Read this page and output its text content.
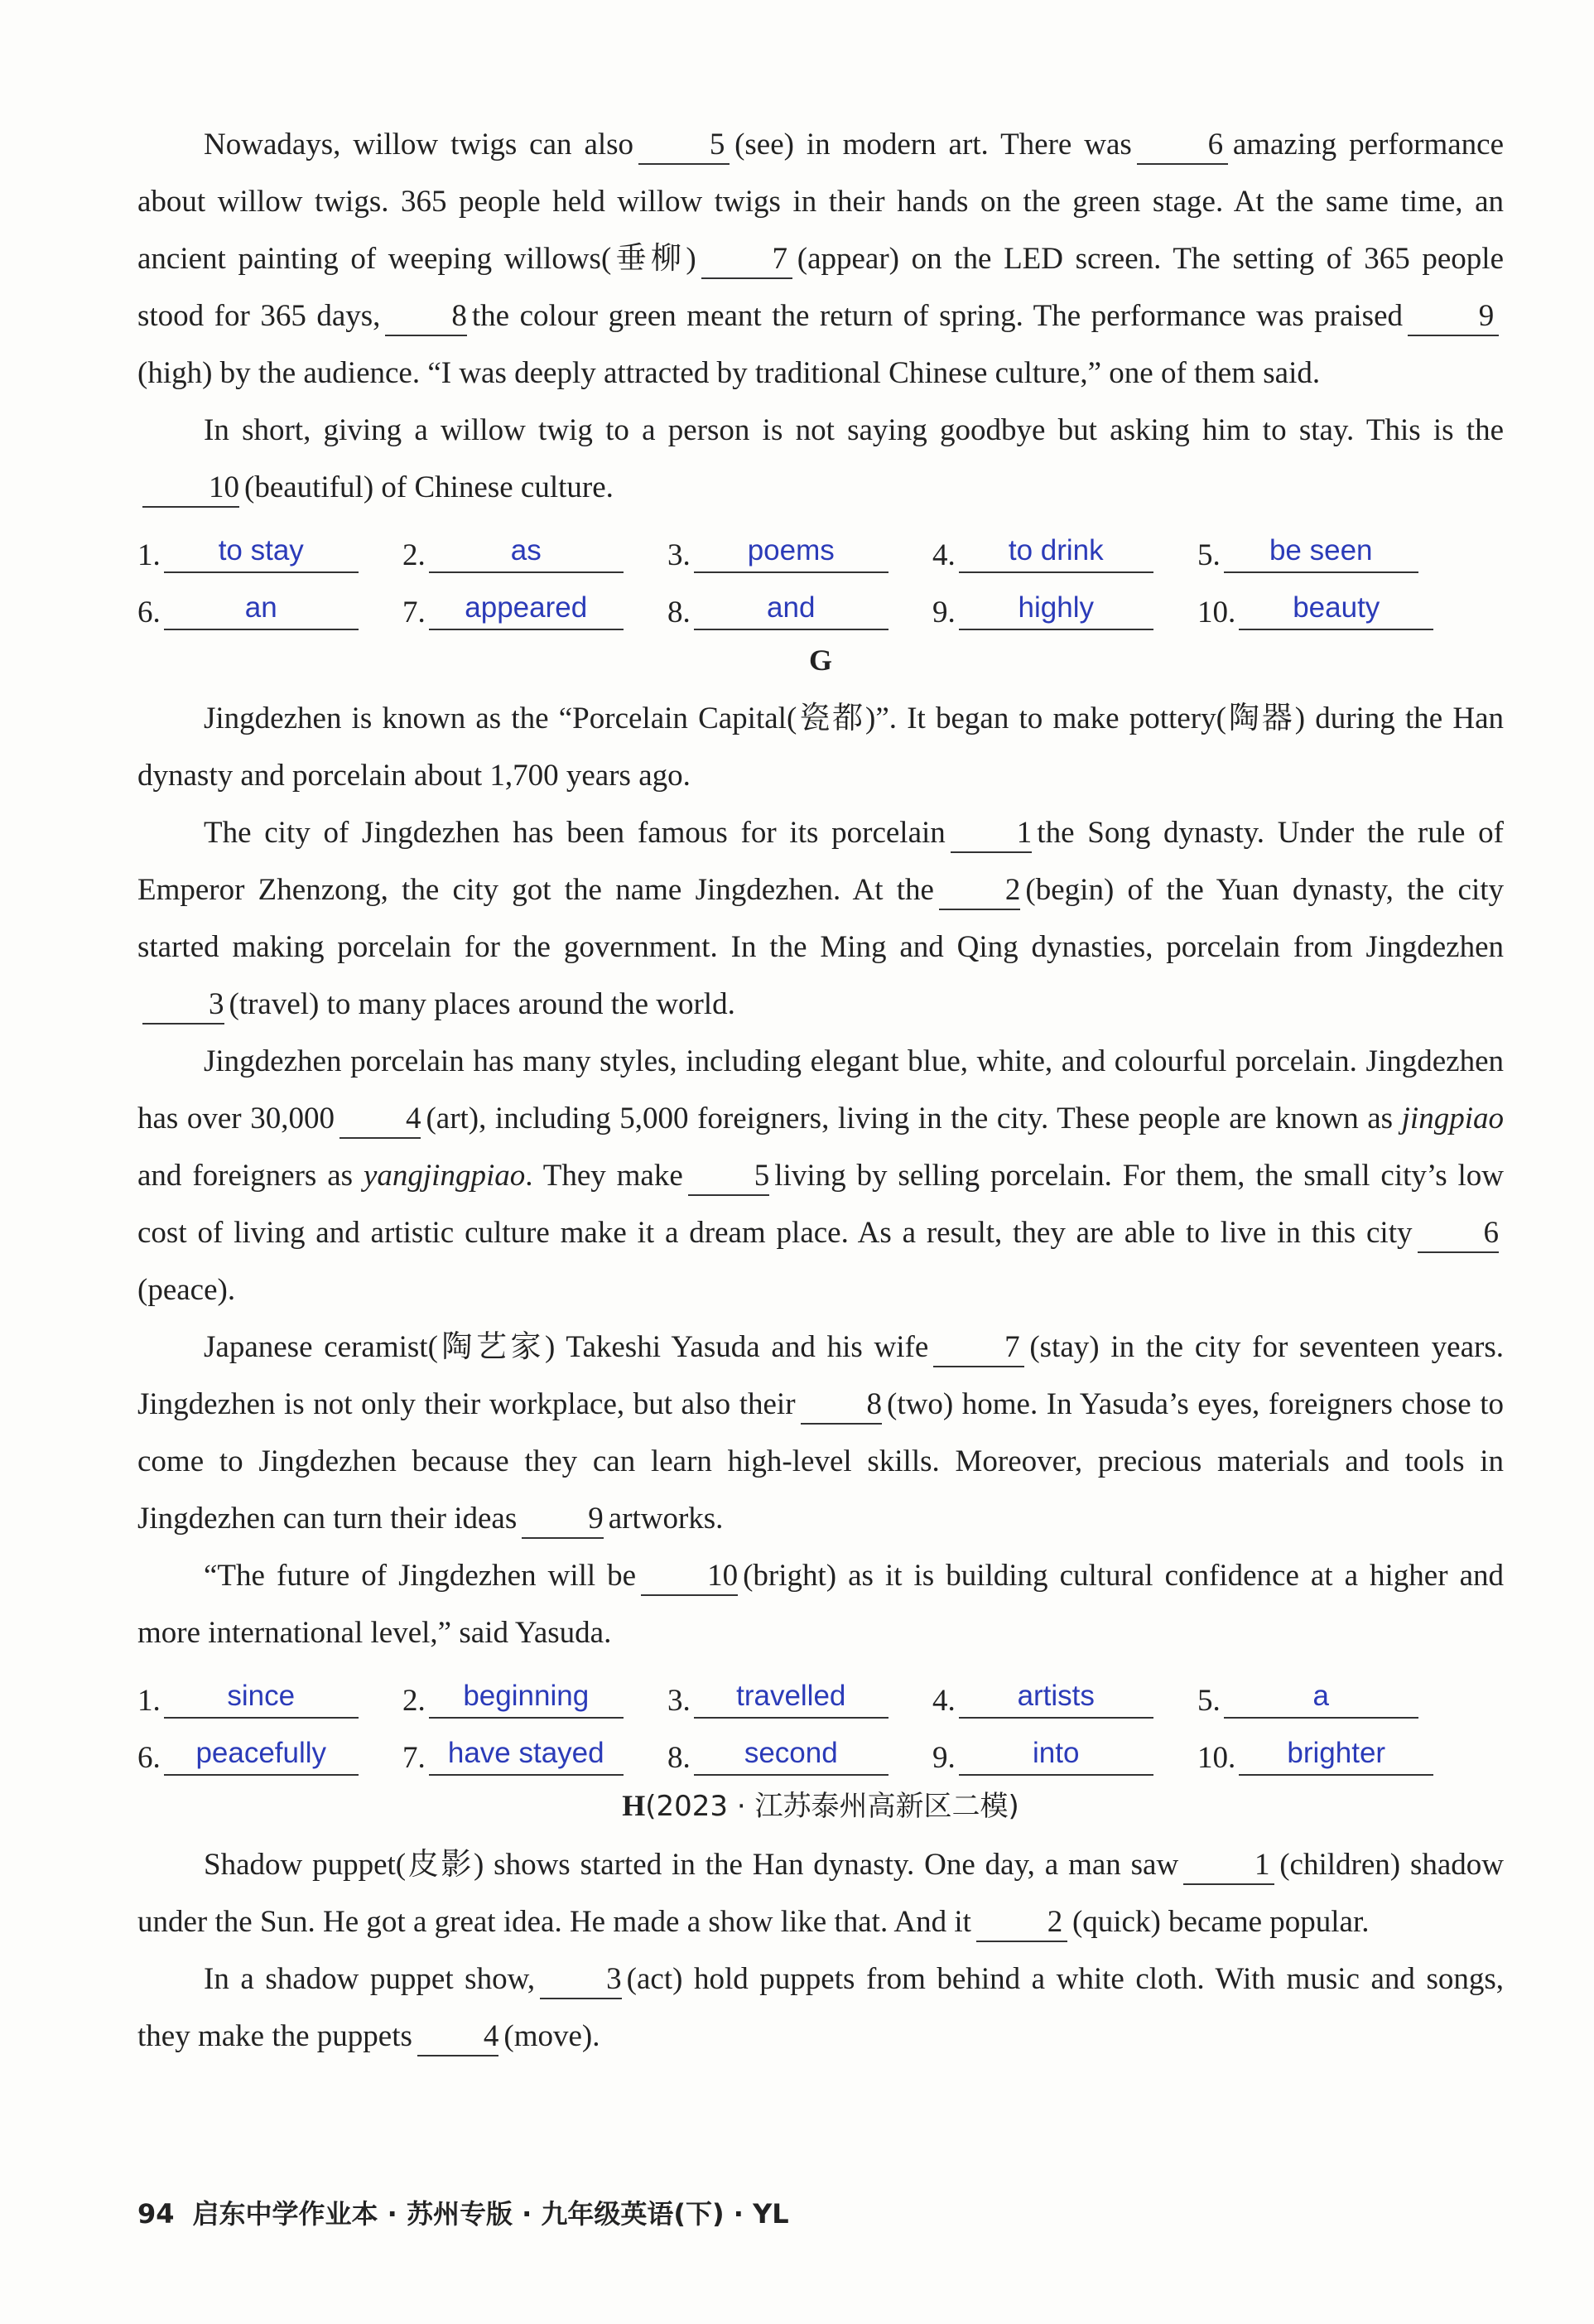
Nowadays, willow twigs can also 5 (see) in modern art. There was 6 amazing performance about willow twigs. 365 people held willow twigs in their hands on the green stage. At the same time, an ancient painting of weeping willows(垂柳) 7 (appear) on the LED screen. The setting of 365 people stood for 365 days, 8 the colour green meant the return of spring. The performance was praised 9(high) by the audience. “I was deeply attracted by traditional Chinese culture,” one of them said.

In short, giving a willow twig to a person is not saying goodbye but asking him to stay. This is the10 (beautiful) of Chinese culture.

1.	to stay	2.	as	3.	poems	4.	to drink	5.	be seen
6.	an	7.	appeared	8.	and	9.	highly	10.	beauty
G

Jingdezhen is known as the “Porcelain Capital(瓷都)”. It began to make pottery(陶器) during the Han dynasty and porcelain about 1,700 years ago.

The city of Jingdezhen has been famous for its porcelain 1 the Song dynasty. Under the rule of Emperor Zhenzong, the city got the name Jingdezhen. At the 2 (begin) of the Yuan dynasty, the city started making porcelain for the government. In the Ming and Qing dynasties, porcelain from Jingdezhen3 (travel) to many places around the world.

Jingdezhen porcelain has many styles, including elegant blue, white, and colourful porcelain. Jingdezhen has over 30,000 4 (art), including 5,000 foreigners, living in the city. These people are known as jingpiao and foreigners as yangjingpiao. They make 5 living by selling porcelain. For them, the small city’s low cost of living and artistic culture make it a dream place. As a result, they are able to live in this city 6(peace).

Japanese ceramist(陶艺家) Takeshi Yasuda and his wife 7 (stay) in the city for seventeen years. Jingdezhen is not only their workplace, but also their 8 (two) home. In Yasuda’s eyes, foreigners chose to come to Jingdezhen because they can learn high-level skills. Moreover, precious materials and tools in Jingdezhen can turn their ideas 9 artworks.

“The future of Jingdezhen will be 10 (bright) as it is building cultural confidence at a higher and more international level,” said Yasuda.

1.	since	2.	beginning	3.	travelled	4.	artists	5.	a
6.	peacefully	7. have stayed	8.	second	9.	into	10.	brighter
H(2023 · 江苏泰州高新区二模)

Shadow puppet(皮影) shows started in the Han dynasty. One day, a man saw 1 (children) shadow under the Sun. He got a great idea. He made a show like that. And it 2 (quick) became popular.

In a shadow puppet show, 3 (act) hold puppets from behind a white cloth. With music and songs, they make the puppets 4 (move).

94 启东中学作业本 · 苏州专版 · 九年级英语(下) · YL
